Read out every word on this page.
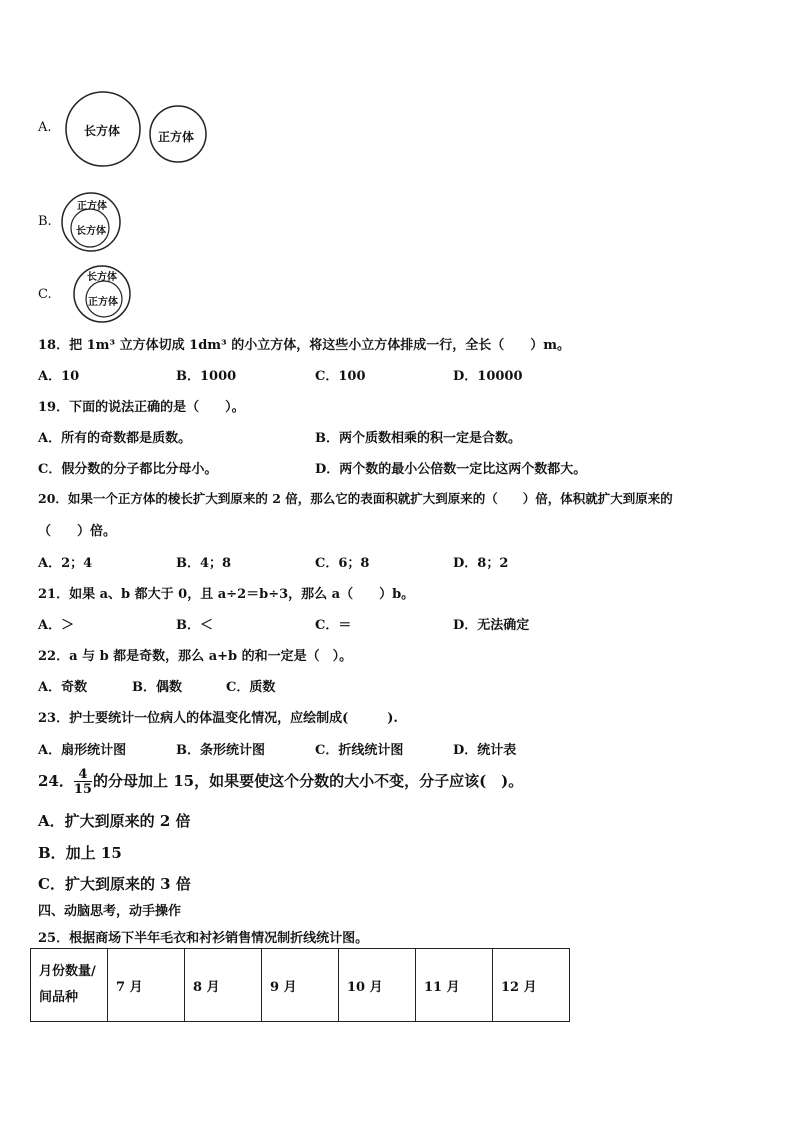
A.	长方体	正方体
B.
正方体
长方体
C.
长方体
正方体
18．把 1m³ 立方体切成 1dm³ 的小立方体，将这些小立方体排成一行，全长（　　）m。
A．10	B．1000	C．100	D．10000
19．下面的说法正确的是（　　）。
A．所有的奇数都是质数。	B．两个质数相乘的积一定是合数。
C．假分数的分子都比分母小。	D．两个数的最小公倍数一定比这两个数都大。
20．如果一个正方体的棱长扩大到原来的 2 倍，那么它的表面积就扩大到原来的（　　）倍，体积就扩大到原来的
（　　）倍。
A．2；4	B．4；8	C．6；8	D．8；2
21．如果 a、b 都大于 0，且 a÷2＝b÷3，那么 a（　　）b。
A．＞	B．＜	C．＝	D．无法确定
22．a 与 b 都是奇数，那么 a+b 的和一定是（　）。
A．奇数	B．偶数	C．质数
23．护士要统计一位病人的体温变化情况，应绘制成(　　　).
A．扇形统计图	B．条形统计图	C．折线统计图	D．统计表
24． $\frac{4}{15}$ 的分母加上 15，如果要使这个分数的大小不变，分子应该(　)。
A．扩大到原来的 2 倍
B．加上 15
C．扩大到原来的 3 倍
四、动脑思考，动手操作
25．根据商场下半年毛衣和衬衫销售情况制折线统计图。
月份数量/
间品种
	7 月	8 月	9 月	10 月	11 月	12 月
